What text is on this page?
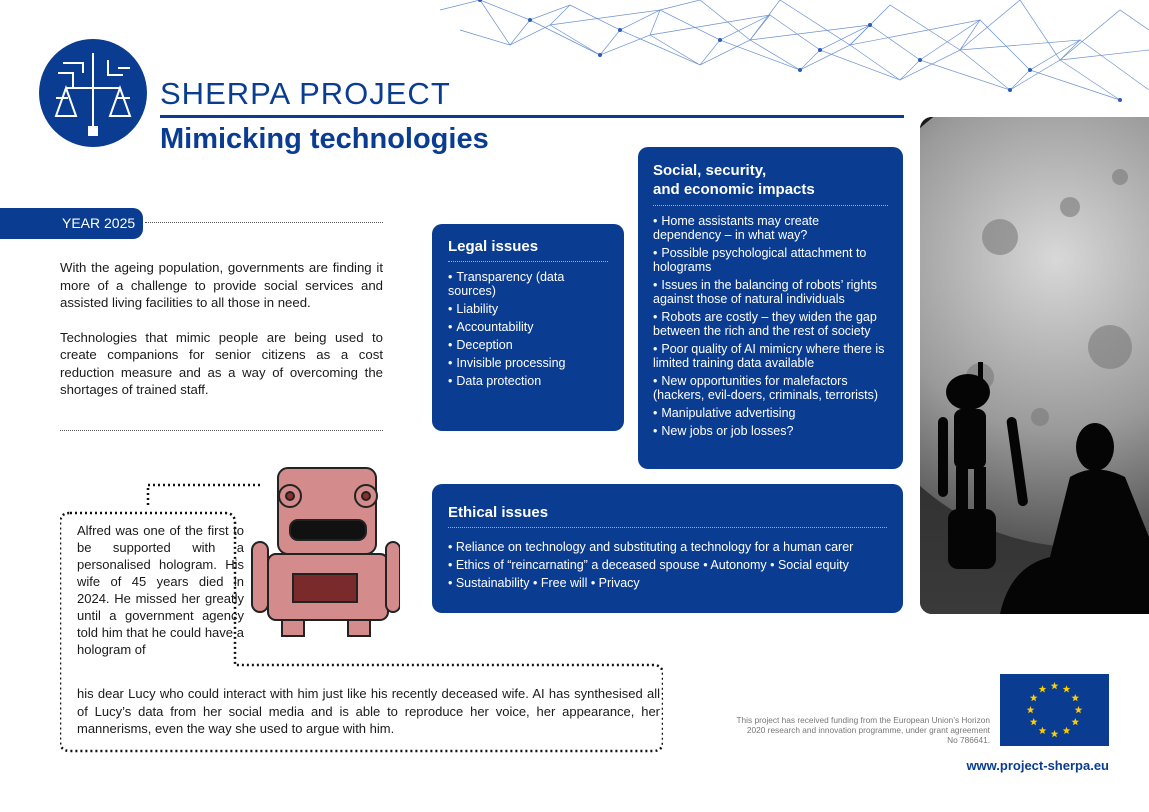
SHERPA PROJECT
Mimicking technologies
YEAR 2025

With the ageing population, governments are finding it more of a challenge to provide social services and assisted living facilities to all those in need.

Technologies that mimic people are being used to create companions for senior citizens as a cost reduction measure and as a way of overcoming the shortages of trained staff.

Legal issues
• Transparency (data sources)
• Liability
• Accountability
• Deception
• Invisible processing
• Data protection
Social, security,
and economic impacts
• Home assistants may create dependency – in what way?
• Possible psychological attachment to holograms
• Issues in the balancing of robots’ rights against those of natural individuals
• Robots are costly – they widen the gap between the rich and the rest of society
• Poor quality of AI mimicry where there is limited training data available
• New opportunities for malefactors (hackers, evil-doers, criminals, terrorists)
• Manipulative advertising
• New jobs or job losses?
Ethical issues
• Reliance on technology and substituting a technology for a human carer
• Ethics of “reincarnating” a deceased spouse • Autonomy • Social equity
• Sustainability • Free will • Privacy
Alfred was one of the first to be supported with a personalised hologram. His wife of 45 years died in 2024. He missed her greatly until a government agency told him that he could have a hologram of
his dear Lucy who could interact with him just like his recently deceased wife. AI has synthesised all of Lucy’s data from her social media and is able to reproduce her voice, her appearance, her mannerisms, even the way she used to argue with him.
This project has received funding from the European Union’s Horizon 2020 research and innovation programme, under grant agreement No 786641.
www.project-sherpa.eu
